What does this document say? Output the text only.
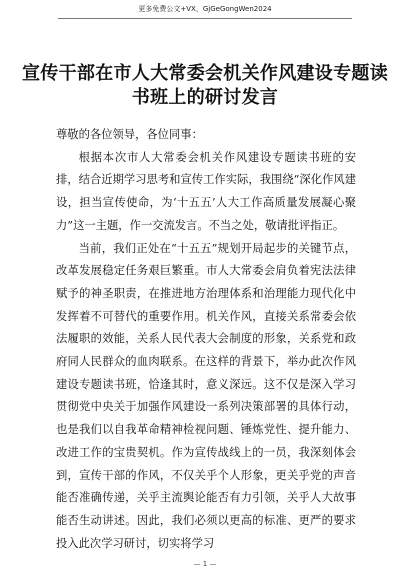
更多免费公文+VX，GjGeGongWen2024
宣传干部在市人大常委会机关作风建设专题读书班上的研讨发言

尊敬的各位领导，各位同事：

根据本次市人大常委会机关作风建设专题读书班的安排，结合近期学习思考和宣传工作实际，我围绕“深化作风建设，担当宣传使命，为‘十五五’人大工作高质量发展凝心聚力”这一主题，作一交流发言。不当之处，敬请批评指正。

当前，我们正处在“十五五”规划开局起步的关键节点，改革发展稳定任务艰巨繁重。市人大常委会肩负着宪法法律赋予的神圣职责，在推进地方治理体系和治理能力现代化中发挥着不可替代的重要作用。机关作风，直接关系常委会依法履职的效能，关系人民代表大会制度的形象，关系党和政府同人民群众的血肉联系。在这样的背景下，举办此次作风建设专题读书班，恰逢其时，意义深远。这不仅是深入学习贯彻党中央关于加强作风建设一系列决策部署的具体行动，也是我们以自我革命精神检视问题、锤炼党性、提升能力、改进工作的宝贵契机。作为宣传战线上的一员，我深刻体会到，宣传干部的作风，不仅关乎个人形象，更关乎党的声音能否准确传递，关乎主流舆论能否有力引领，关乎人大故事能否生动讲述。因此，我们必须以更高的标准、更严的要求投入此次学习研讨，切实将学习

— 1 —
